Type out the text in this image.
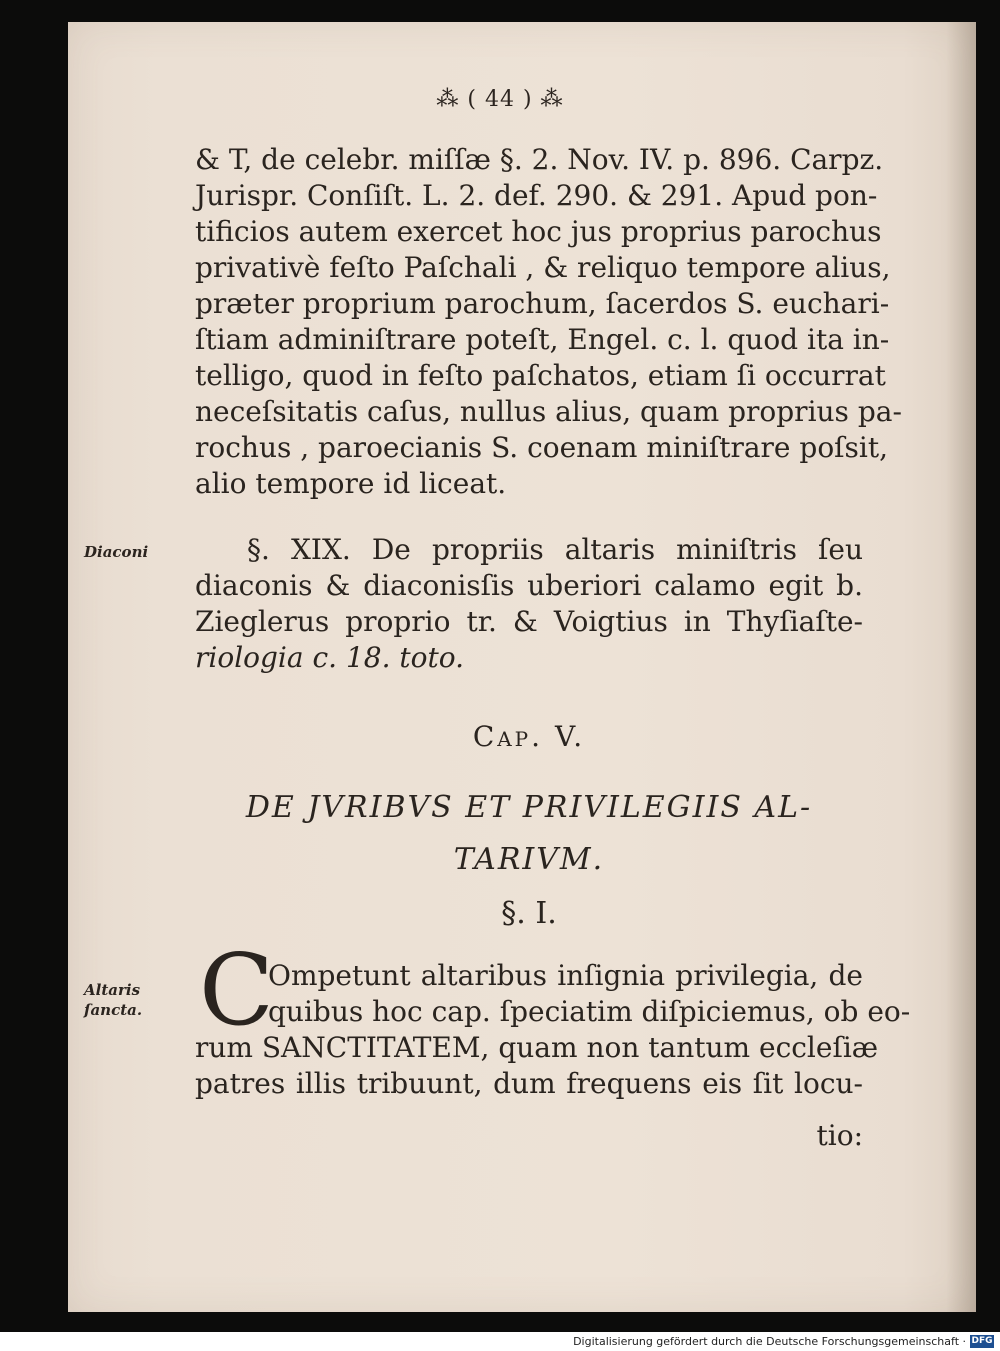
⁂ ( 44 ) ⁂
& T, de celebr. miſſæ §. 2. Nov. IV. p. 896. Carpz.
Jurispr. Conſiſt. L. 2. def. 290. & 291. Apud pon-
tificios autem exercet hoc jus proprius parochus
privativè feſto Paſchali , & reliquo tempore alius,
præter proprium parochum, ſacerdos S. euchari-
ſtiam adminiſtrare poteſt, Engel. c. l. quod ita in-
telligo, quod in feſto paſchatos, etiam ſi occurrat
neceſsitatis caſus, nullus alius, quam proprius pa-
rochus , paroecianis S. coenam miniſtrare poſsit,
alio tempore id liceat.
Diaconi	§. XIX. De propriis altaris miniſtris ſeu
diaconis & diaconisſis uberiori calamo egit b.
Zieglerus proprio tr. & Voigtius in Thyſiaſte-
riologia c. 18. toto.
Cap. V.
DE JVRIBVS ET PRIVILEGIIS AL-
TARIVM.
§. I.
Altaris
ſancta. C
Ompetunt altaribus inſignia privilegia, de
quibus hoc cap. ſpeciatim diſpiciemus, ob eo-
rum SANCTITATEM, quam non tantum eccleſiæ
patres illis tribuunt, dum frequens eis ſit locu-
tio:
Digitalisierung gefördert durch die Deutsche Forschungsgemeinschaft · DFG
